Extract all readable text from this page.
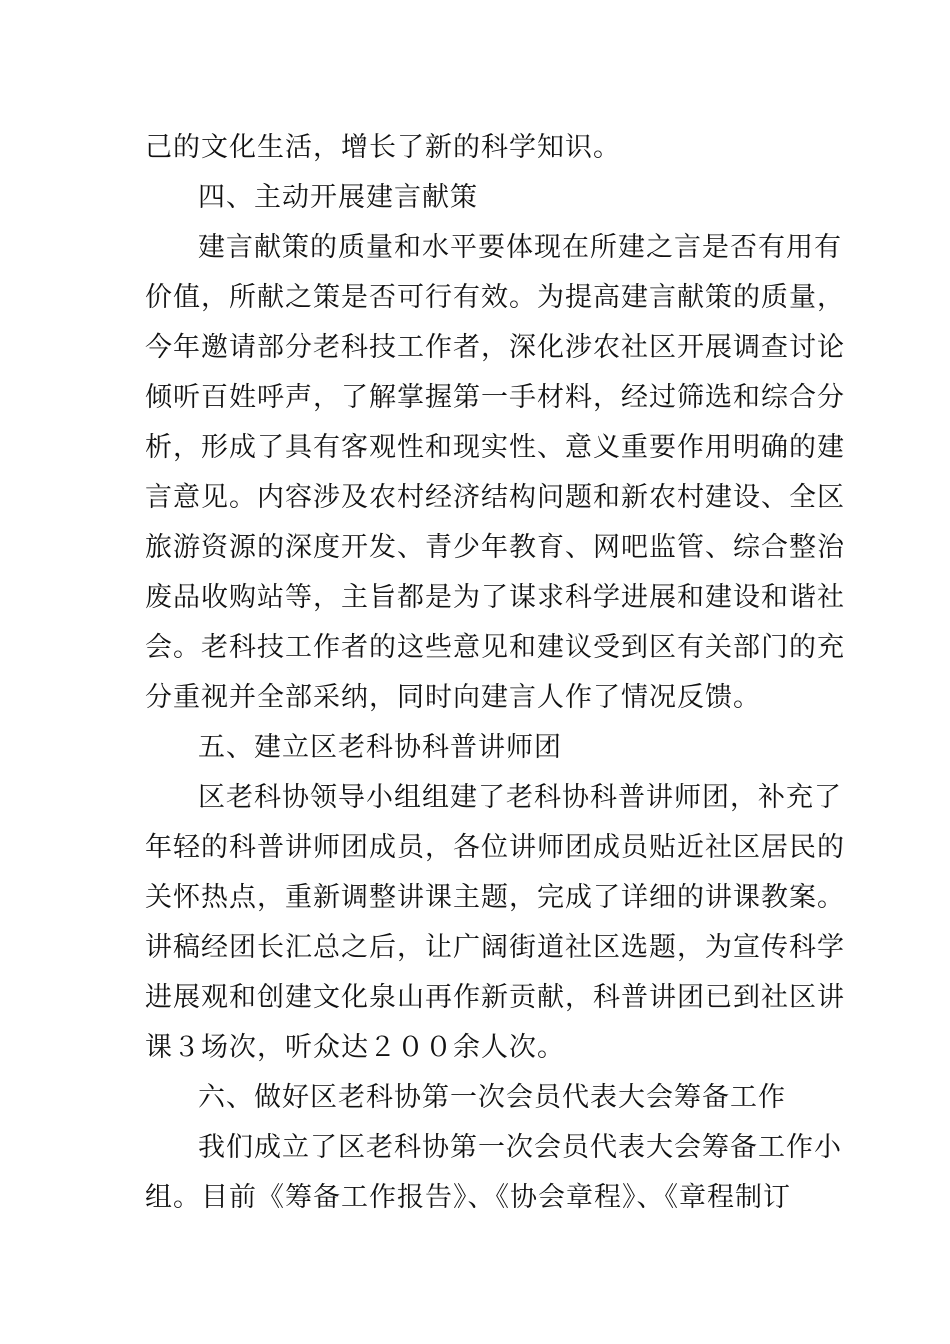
己的文化生活，增长了新的科学知识。
四、主动开展建言献策
建言献策的质量和水平要体现在所建之言是否有用有
价值，所献之策是否可行有效。为提高建言献策的质量，
今年邀请部分老科技工作者，深化涉农社区开展调查讨论
倾听百姓呼声，了解掌握第一手材料，经过筛选和综合分
析，形成了具有客观性和现实性、意义重要作用明确的建
言意见。内容涉及农村经济结构问题和新农村建设、全区
旅游资源的深度开发、青少年教育、网吧监管、综合整治
废品收购站等，主旨都是为了谋求科学进展和建设和谐社
会。老科技工作者的这些意见和建议受到区有关部门的充
分重视并全部采纳，同时向建言人作了情况反馈。
五、建立区老科协科普讲师团
区老科协领导小组组建了老科协科普讲师团，补充了
年轻的科普讲师团成员，各位讲师团成员贴近社区居民的
关怀热点，重新调整讲课主题，完成了详细的讲课教案。
讲稿经团长汇总之后，让广阔街道社区选题，为宣传科学
进展观和创建文化泉山再作新贡献，科普讲团已到社区讲
课３场次，听众达２００余人次。
六、做好区老科协第一次会员代表大会筹备工作
我们成立了区老科协第一次会员代表大会筹备工作小
组。目前《筹备工作报告》、《协会章程》、《章程制订
